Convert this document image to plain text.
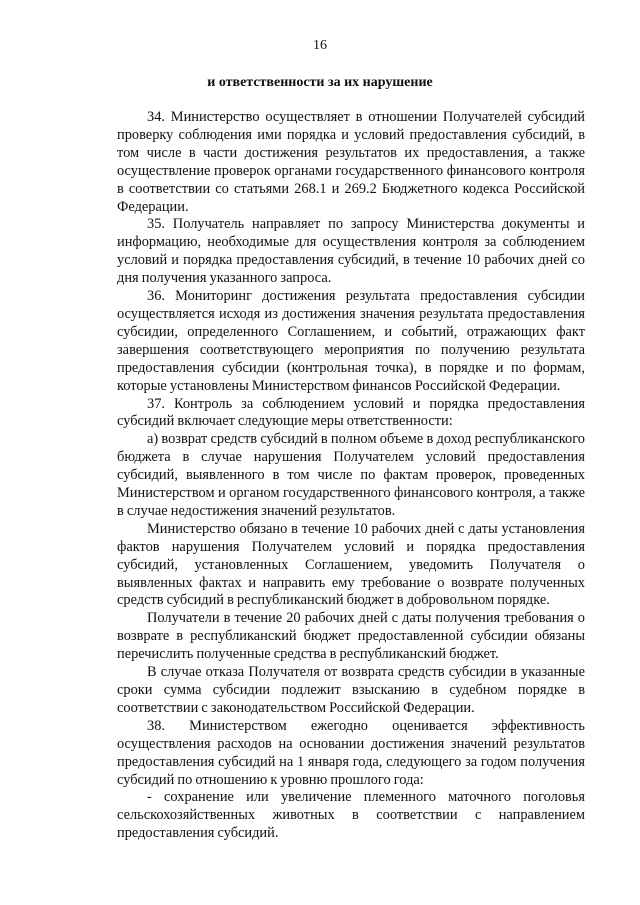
16
и ответственности за их нарушение

34. Министерство осуществляет в отношении Получателей субсидий проверку соблюдения ими порядка и условий предоставления субсидий, в том числе в части достижения результатов их предоставления, а также осуществление проверок органами государственного финансового контроля в соответствии со статьями 268.1 и 269.2 Бюджетного кодекса Российской Федерации.

35. Получатель направляет по запросу Министерства документы и информацию, необходимые для осуществления контроля за соблюдением условий и порядка предоставления субсидий, в течение 10 рабочих дней со дня получения указанного запроса.

36. Мониторинг достижения результата предоставления субсидии осуществляется исходя из достижения значения результата предоставления субсидии, определенного Соглашением, и событий, отражающих факт завершения соответствующего мероприятия по получению результата предоставления субсидии (контрольная точка), в порядке и по формам, которые установлены Министерством финансов Российской Федерации.

37. Контроль за соблюдением условий и порядка предоставления субсидий включает следующие меры ответственности:

а) возврат средств субсидий в полном объеме в доход республиканского бюджета в случае нарушения Получателем условий предоставления субсидий, выявленного в том числе по фактам проверок, проведенных Министерством и органом государственного финансового контроля, а также в случае недостижения значений результатов.

Министерство обязано в течение 10 рабочих дней с даты установления фактов нарушения Получателем условий и порядка предоставления субсидий, установленных Соглашением, уведомить Получателя о выявленных фактах и направить ему требование о возврате полученных средств субсидий в республиканский бюджет в добровольном порядке.

Получатели в течение 20 рабочих дней с даты получения требования о возврате в республиканский бюджет предоставленной субсидии обязаны перечислить полученные средства в республиканский бюджет.

В случае отказа Получателя от возврата средств субсидии в указанные сроки сумма субсидии подлежит взысканию в судебном порядке в соответствии с законодательством Российской Федерации.

38. Министерством ежегодно оценивается эффективность осуществления расходов на основании достижения значений результатов предоставления субсидий на 1 января года, следующего за годом получения субсидий по отношению к уровню прошлого года:

- сохранение или увеличение племенного маточного поголовья сельскохозяйственных животных в соответствии с направлением предоставления субсидий.
